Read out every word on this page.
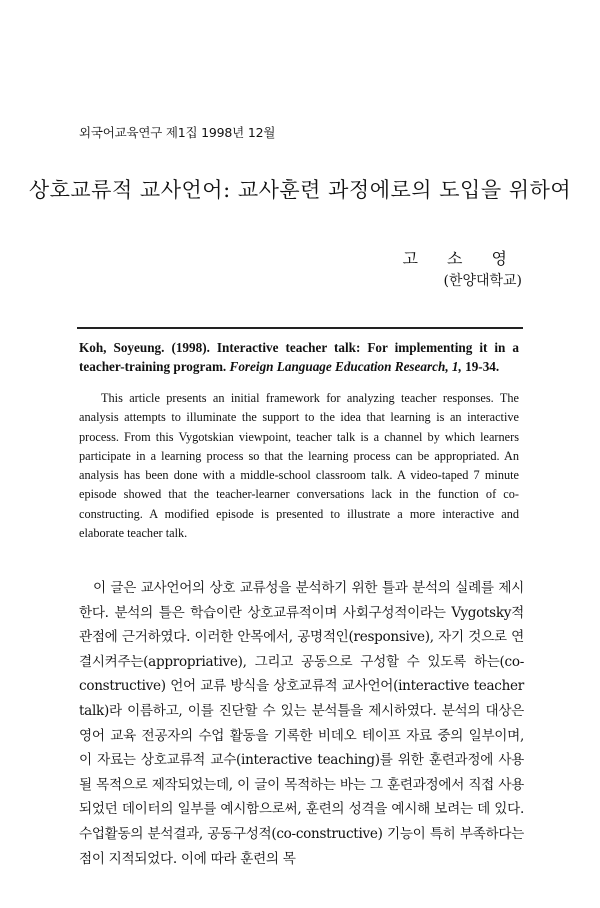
외국어교육연구 제1집 1998년 12월
상호교류적 교사언어: 교사훈련 과정에로의 도입을 위하여
고 소 영
(한양대학교)
Koh, Soyeung. (1998). Interactive teacher talk: For implementing it in a teacher-training program. Foreign Language Education Research, 1, 19-34.
This article presents an initial framework for analyzing teacher responses. The analysis attempts to illuminate the support to the idea that learning is an interactive process. From this Vygotskian viewpoint, teacher talk is a channel by which learners participate in a learning process so that the learning process can be appropriated. An analysis has been done with a middle-school classroom talk. A video-taped 7 minute episode showed that the teacher-learner conversations lack in the function of co-constructing. A modified episode is presented to illustrate a more interactive and elaborate teacher talk.
이 글은 교사언어의 상호 교류성을 분석하기 위한 틀과 분석의 실례를 제시한다. 분석의 틀은 학습이란 상호교류적이며 사회구성적이라는 Vygotsky적 관점에 근거하였다. 이러한 안목에서, 공명적인(responsive), 자기 것으로 연결시켜주는(appropriative), 그리고 공동으로 구성할 수 있도록 하는(co-constructive) 언어 교류 방식을 상호교류적 교사언어(interactive teacher talk)라 이름하고, 이를 진단할 수 있는 분석틀을 제시하였다. 분석의 대상은 영어 교육 전공자의 수업 활동을 기록한 비데오 테이프 자료 중의 일부이며, 이 자료는 상호교류적 교수(interactive teaching)를 위한 훈련과정에 사용될 목적으로 제작되었는데, 이 글이 목적하는 바는 그 훈련과정에서 직접 사용되었던 데이터의 일부를 예시함으로써, 훈련의 성격을 예시해 보려는 데 있다. 수업활동의 분석결과, 공동구성적(co-constructive) 기능이 특히 부족하다는 점이 지적되었다. 이에 따라 훈련의 목
